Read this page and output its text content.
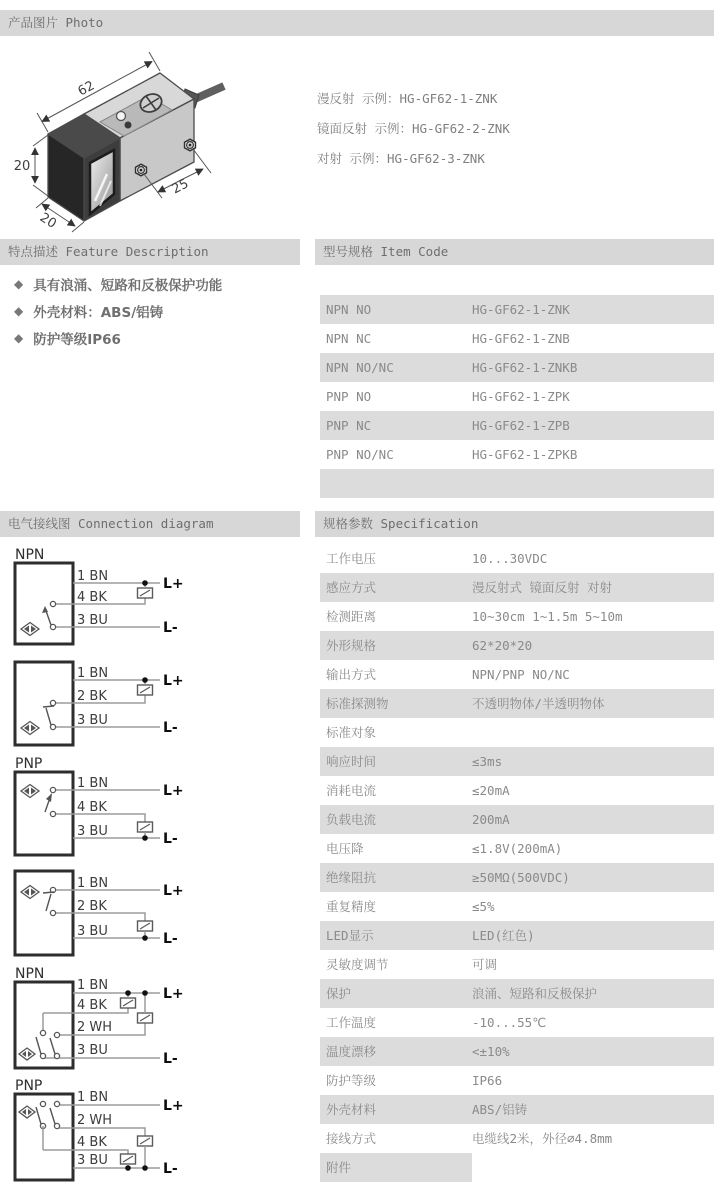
产品图片 Photo
特点描述 Feature Description	型号规格 Item Code
电气接线图 Connection diagram	规格参数 Specification
62
20
20
25
漫反射 示例：HG-GF62-1-ZNK
镜面反射 示例：HG-GF62-2-ZNK
对射 示例：HG-GF62-3-ZNK
◆ 具有浪涌、短路和反极保护功能
◆ 外壳材料：ABS/铝铸
◆ 防护等级IP66
NPN NO	HG-GF62-1-ZNK
NPN NC	HG-GF62-1-ZNB
NPN NO/NC	HG-GF62-1-ZNKB
PNP NO	HG-GF62-1-ZPK
PNP NC	HG-GF62-1-ZPB
PNP NO/NC	HG-GF62-1-ZPKB
NPN
1 BN
4 BK
3 BU
L+
L-
1 BN
2 BK
3 BU
L+
L-
PNP
1 BN
4 BK
3 BU
L+
L-
1 BN
2 BK
3 BU
L+
L-
NPN
1 BN
4 BK
2 WH
3 BU
L+
L-
PNP
1 BN
2 WH
4 BK
3 BU
L+
L-
工作电压	10...30VDC
感应方式	漫反射式 镜面反射 对射
检测距离	10~30cm 1~1.5m 5~10m
外形规格	62*20*20
输出方式	NPN/PNP NO/NC
标准探测物	不透明物体/半透明物体
标准对象
响应时间	≤3ms
消耗电流	≤20mA
负载电流	200mA
电压降	≤1.8V(200mA)
绝缘阻抗	≥50MΩ(500VDC)
重复精度	≤5%
LED显示	LED(红色)
灵敏度调节	可调
保护	浪涌、短路和反极保护
工作温度	-10...55℃
温度漂移	<±10%
防护等级	IP66
外壳材料	ABS/铝铸
接线方式	电缆线2米，外径⌀4.8mm
附件
